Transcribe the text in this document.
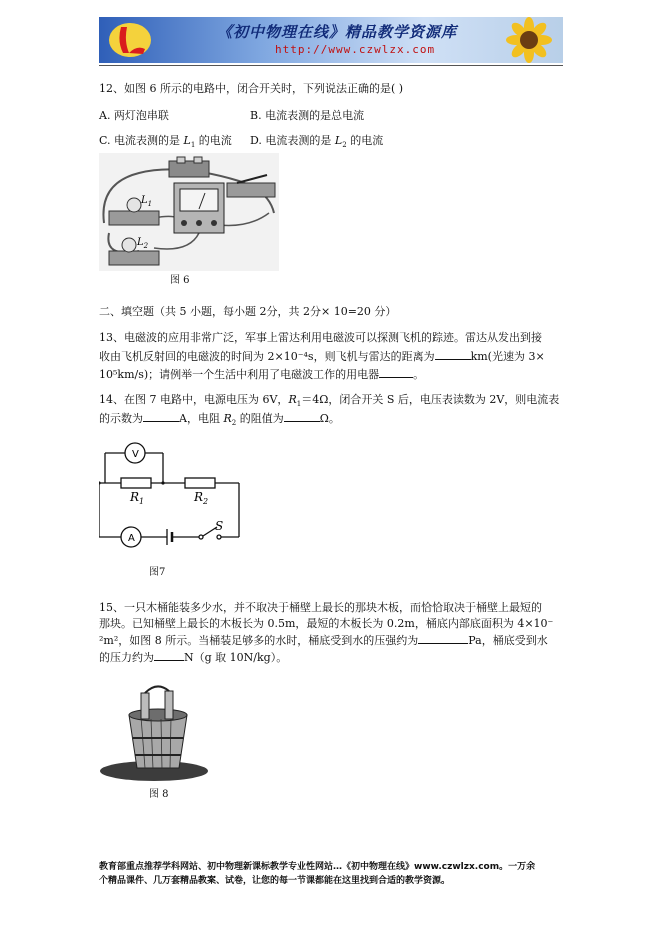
《初中物理在线》精品教学资源库
http://www.czwlzx.com
12、如图 6 所示的电路中，闭合开关时，下列说法正确的是( )
A. 两灯泡串联	B. 电流表测的是总电流
C. 电流表测的是 $L_1$ 的电流 D. 电流表测的是 $L_2$ 的电流
$L_1$
$L_2$
图 6
二、填空题（共 5 小题，每小题 2分，共 2分× 10=20 分）
13、电磁波的应用非常广泛，军事上雷达利用电磁波可以探测飞机的踪迹。雷达从发出到接
收由飞机反射回的电磁波的时间为 2×10⁻⁴s，则飞机与雷达的距离为	km(光速为 3×
10⁵km/s)；请例举一个生活中利用了电磁波工作的用电器	。
14、在图 7 电路中，电源电压为 6V，$R_1=4\Omega$，闭合开关 S 后，电压表读数为 2V，则电流表
的示数为	A，电阻 $R_2$ 的阻值为	Ω。
V
A
$R_1$	$R_2$
S
图7
15、一只木桶能装多少水，并不取决于桶壁上最长的那块木板，而恰恰取决于桶壁上最短的
那块。已知桶壁上最长的木板长为 0.5m，最短的木板长为 0.2m，桶底内部底面积为 4×10⁻
²m²，如图 8 所示。当桶装足够多的水时，桶底受到水的压强约为	Pa，桶底受到水
的压力约为	N（g 取 10N/kg）。
图 8
教育部重点推荐学科网站、初中物理新课标教学专业性网站…《初中物理在线》www.czwlzx.com。一万余
个精品课件、几万套精品教案、试卷，让您的每一节课都能在这里找到合适的教学资源。
